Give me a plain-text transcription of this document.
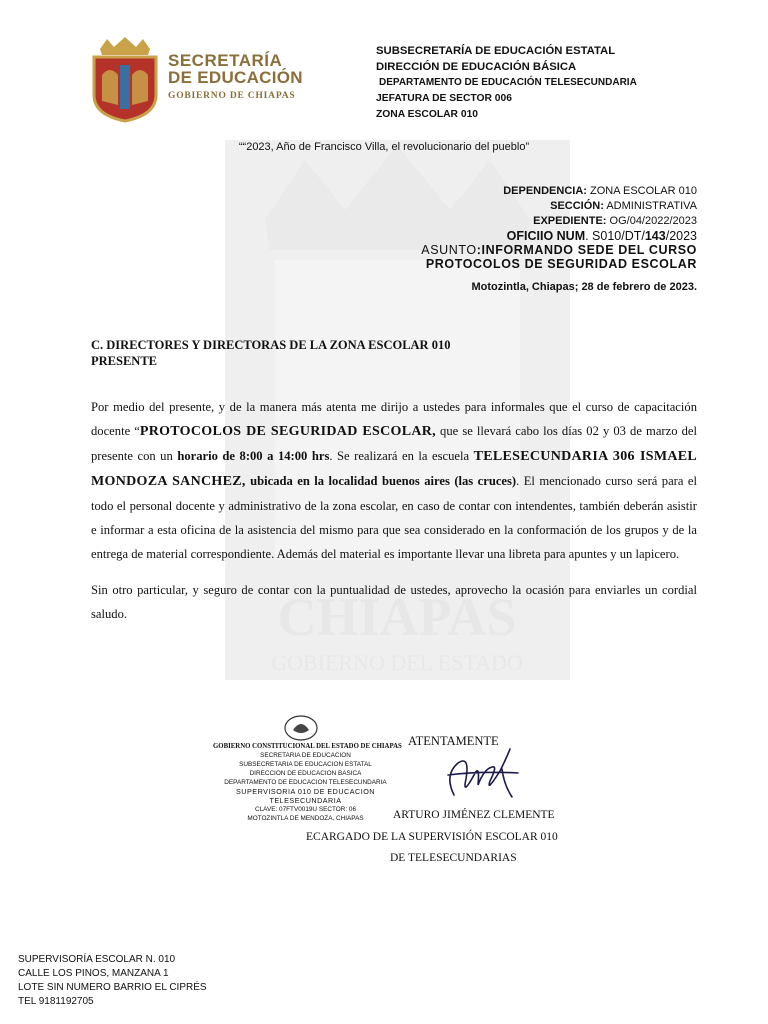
CHIAPAS
GOBIERNO DEL ESTADO
SECRETARÍA
DE EDUCACIÓN
GOBIERNO DE CHIAPAS
SUBSECRETARÍA DE EDUCACIÓN ESTATAL
DIRECCIÓN DE EDUCACIÓN BÁSICA
DEPARTAMENTO DE EDUCACIÓN TELESECUNDARIA
JEFATURA DE SECTOR 006
ZONA ESCOLAR 010
““2023, Año de Francisco Villa, el revolucionario del pueblo”
DEPENDENCIA: ZONA ESCOLAR 010
SECCIÓN: ADMINISTRATIVA
EXPEDIENTE: OG/04/2022/2023
OFICIIO NUM. S010/DT/143/2023
ASUNTO:INFORMANDO SEDE DEL CURSO
PROTOCOLOS DE SEGURIDAD ESCOLAR
Motozintla, Chiapas; 28 de febrero de 2023.
C. DIRECTORES Y DIRECTORAS DE LA ZONA ESCOLAR 010
PRESENTE

Por medio del presente, y de la manera más atenta me dirijo a ustedes para informales que el curso de capacitación docente “PROTOCOLOS DE SEGURIDAD ESCOLAR, que se llevará cabo los días 02 y 03 de marzo del presente con un horario de 8:00 a 14:00 hrs. Se realizará en la escuela TELESECUNDARIA 306 ISMAEL MONDOZA SANCHEZ, ubicada en la localidad buenos aires (las cruces). El mencionado curso será para el todo el personal docente y administrativo de la zona escolar, en caso de contar con intendentes, también deberán asistir e informar a esta oficina de la asistencia del mismo para que sea considerado en la conformación de los grupos y de la entrega de material correspondiente. Además del material es importante llevar una libreta para apuntes y un lapicero.

Sin otro particular, y seguro de contar con la puntualidad de ustedes, aprovecho la ocasión para enviarles un cordial saludo.

GOBIERNO CONSTITUCIONAL DEL ESTADO DE CHIAPAS
SECRETARIA DE EDUCACION
SUBSECRETARIA DE EDUCACION ESTATAL
DIRECCION DE EDUCACION BASICA
DEPARTAMENTO DE EDUCACION TELESECUNDARIA
SUPERVISORIA 010 DE EDUCACION
TELESECUNDARIA
CLAVE: 07FTV0019U SECTOR: 06
MOTOZINTLA DE MENDOZA, CHIAPAS
ATENTAMENTE
ARTURO JIMÉNEZ CLEMENTE
ECARGADO DE LA SUPERVISIÓN ESCOLAR 010
DE TELESECUNDARIAS
SUPERVISORÍA ESCOLAR N. 010
CALLE LOS PINOS, MANZANA 1
LOTE SIN NUMERO BARRIO EL CIPRÉS
TEL 9181192705
